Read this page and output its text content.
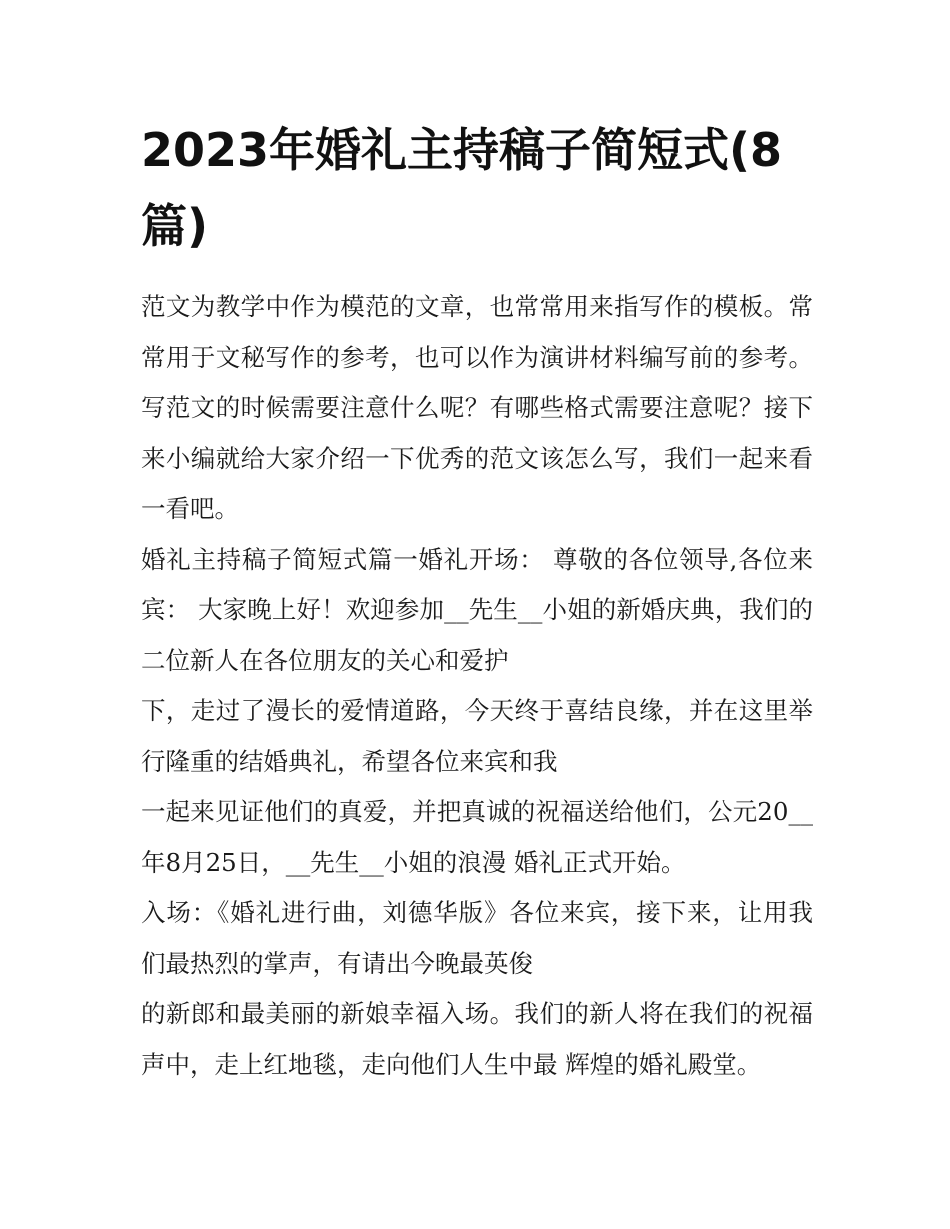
2023年婚礼主持稿子简短式(8篇)

范文为教学中作为模范的文章，也常常用来指写作的模板。常常用于文秘写作的参考，也可以作为演讲材料编写前的参考。写范文的时候需要注意什么呢？有哪些格式需要注意呢？接下来小编就给大家介绍一下优秀的范文该怎么写，我们一起来看一看吧。

婚礼主持稿子简短式篇一婚礼开场： 尊敬的各位领导,各位来宾： 大家晚上好！欢迎参加__先生__小姐的新婚庆典，我们的二位新人在各位朋友的关心和爱护

下，走过了漫长的爱情道路，今天终于喜结良缘，并在这里举行隆重的结婚典礼，希望各位来宾和我

一起来见证他们的真爱，并把真诚的祝福送给他们，公元20__年8月25日，__先生__小姐的浪漫 婚礼正式开始。

入场：《婚礼进行曲，刘德华版》各位来宾，接下来，让用我们最热烈的掌声，有请出今晚最英俊

的新郎和最美丽的新娘幸福入场。我们的新人将在我们的祝福声中，走上红地毯，走向他们人生中最 辉煌的婚礼殿堂。
